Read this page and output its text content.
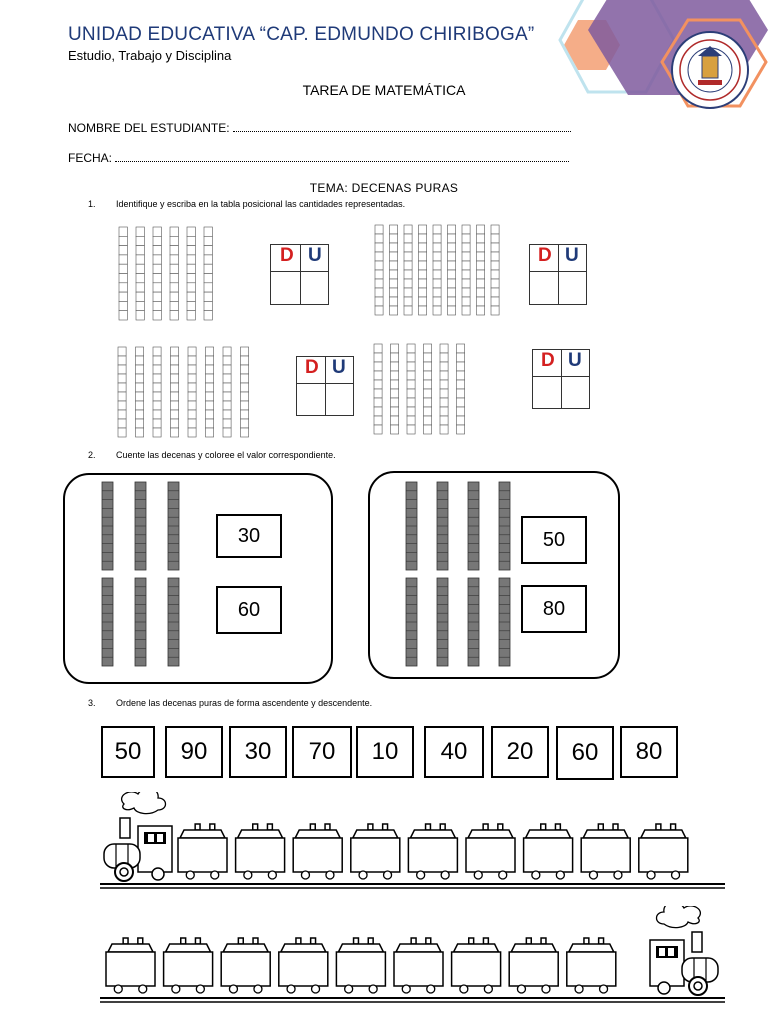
UNIDAD EDUCATIVA “CAP. EDMUNDO CHIRIBOGA”
Estudio, Trabajo y Disciplina
TAREA DE MATEMÁTICA
NOMBRE DEL ESTUDIANTE:
FECHA:
TEMA: DECENAS PURAS
1. Identifique y escriba en la tabla posicional las cantidades representadas.
D U	D U
D U	D U
2. Cuente las decenas y coloree el valor correspondiente.
30
60
50
80
3. Ordene las decenas puras de forma ascendente y descendente.
50	90	30	70	10	40	20	60	80
